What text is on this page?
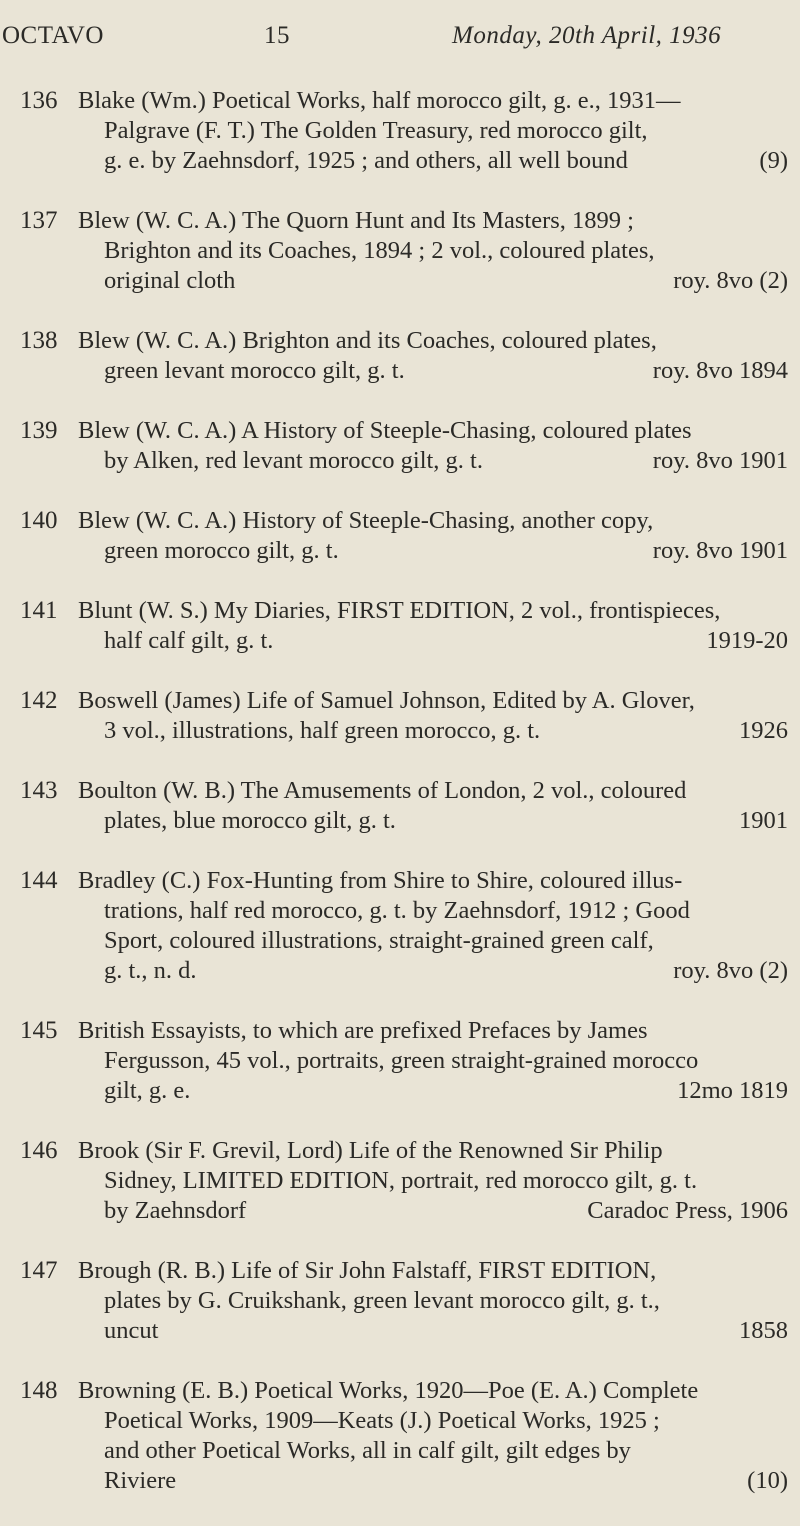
OCTAVO	15	Monday, 20th April, 1936
136 Blake (Wm.) Poetical Works, half morocco gilt, g. e., 1931—
Palgrave (F. T.) The Golden Treasury, red morocco gilt,
g. e. by Zaehnsdorf, 1925 ; and others, all well bound	(9)
137 Blew (W. C. A.) The Quorn Hunt and Its Masters, 1899 ;
Brighton and its Coaches, 1894 ; 2 vol., coloured plates,
original cloth	roy. 8vo (2)
138 Blew (W. C. A.) Brighton and its Coaches, coloured plates,
green levant morocco gilt, g. t.	roy. 8vo 1894
139 Blew (W. C. A.) A History of Steeple-Chasing, coloured plates
by Alken, red levant morocco gilt, g. t.	roy. 8vo 1901
140 Blew (W. C. A.) History of Steeple-Chasing, another copy,
green morocco gilt, g. t.	roy. 8vo 1901
141 Blunt (W. S.) My Diaries, FIRST EDITION, 2 vol., frontispieces,
half calf gilt, g. t.	1919-20
142 Boswell (James) Life of Samuel Johnson, Edited by A. Glover,
3 vol., illustrations, half green morocco, g. t.	1926
143 Boulton (W. B.) The Amusements of London, 2 vol., coloured
plates, blue morocco gilt, g. t.	1901
144 Bradley (C.) Fox-Hunting from Shire to Shire, coloured illus-
trations, half red morocco, g. t. by Zaehnsdorf, 1912 ; Good
Sport, coloured illustrations, straight-grained green calf,
g. t., n. d.	roy. 8vo (2)
145 British Essayists, to which are prefixed Prefaces by James
Fergusson, 45 vol., portraits, green straight-grained morocco
gilt, g. e.	12mo 1819
146 Brook (Sir F. Grevil, Lord) Life of the Renowned Sir Philip
Sidney, LIMITED EDITION, portrait, red morocco gilt, g. t.
by Zaehnsdorf	Caradoc Press, 1906
147 Brough (R. B.) Life of Sir John Falstaff, FIRST EDITION,
plates by G. Cruikshank, green levant morocco gilt, g. t.,
uncut	1858
148 Browning (E. B.) Poetical Works, 1920—Poe (E. A.) Complete
Poetical Works, 1909—Keats (J.) Poetical Works, 1925 ;
and other Poetical Works, all in calf gilt, gilt edges by
Riviere	(10)
